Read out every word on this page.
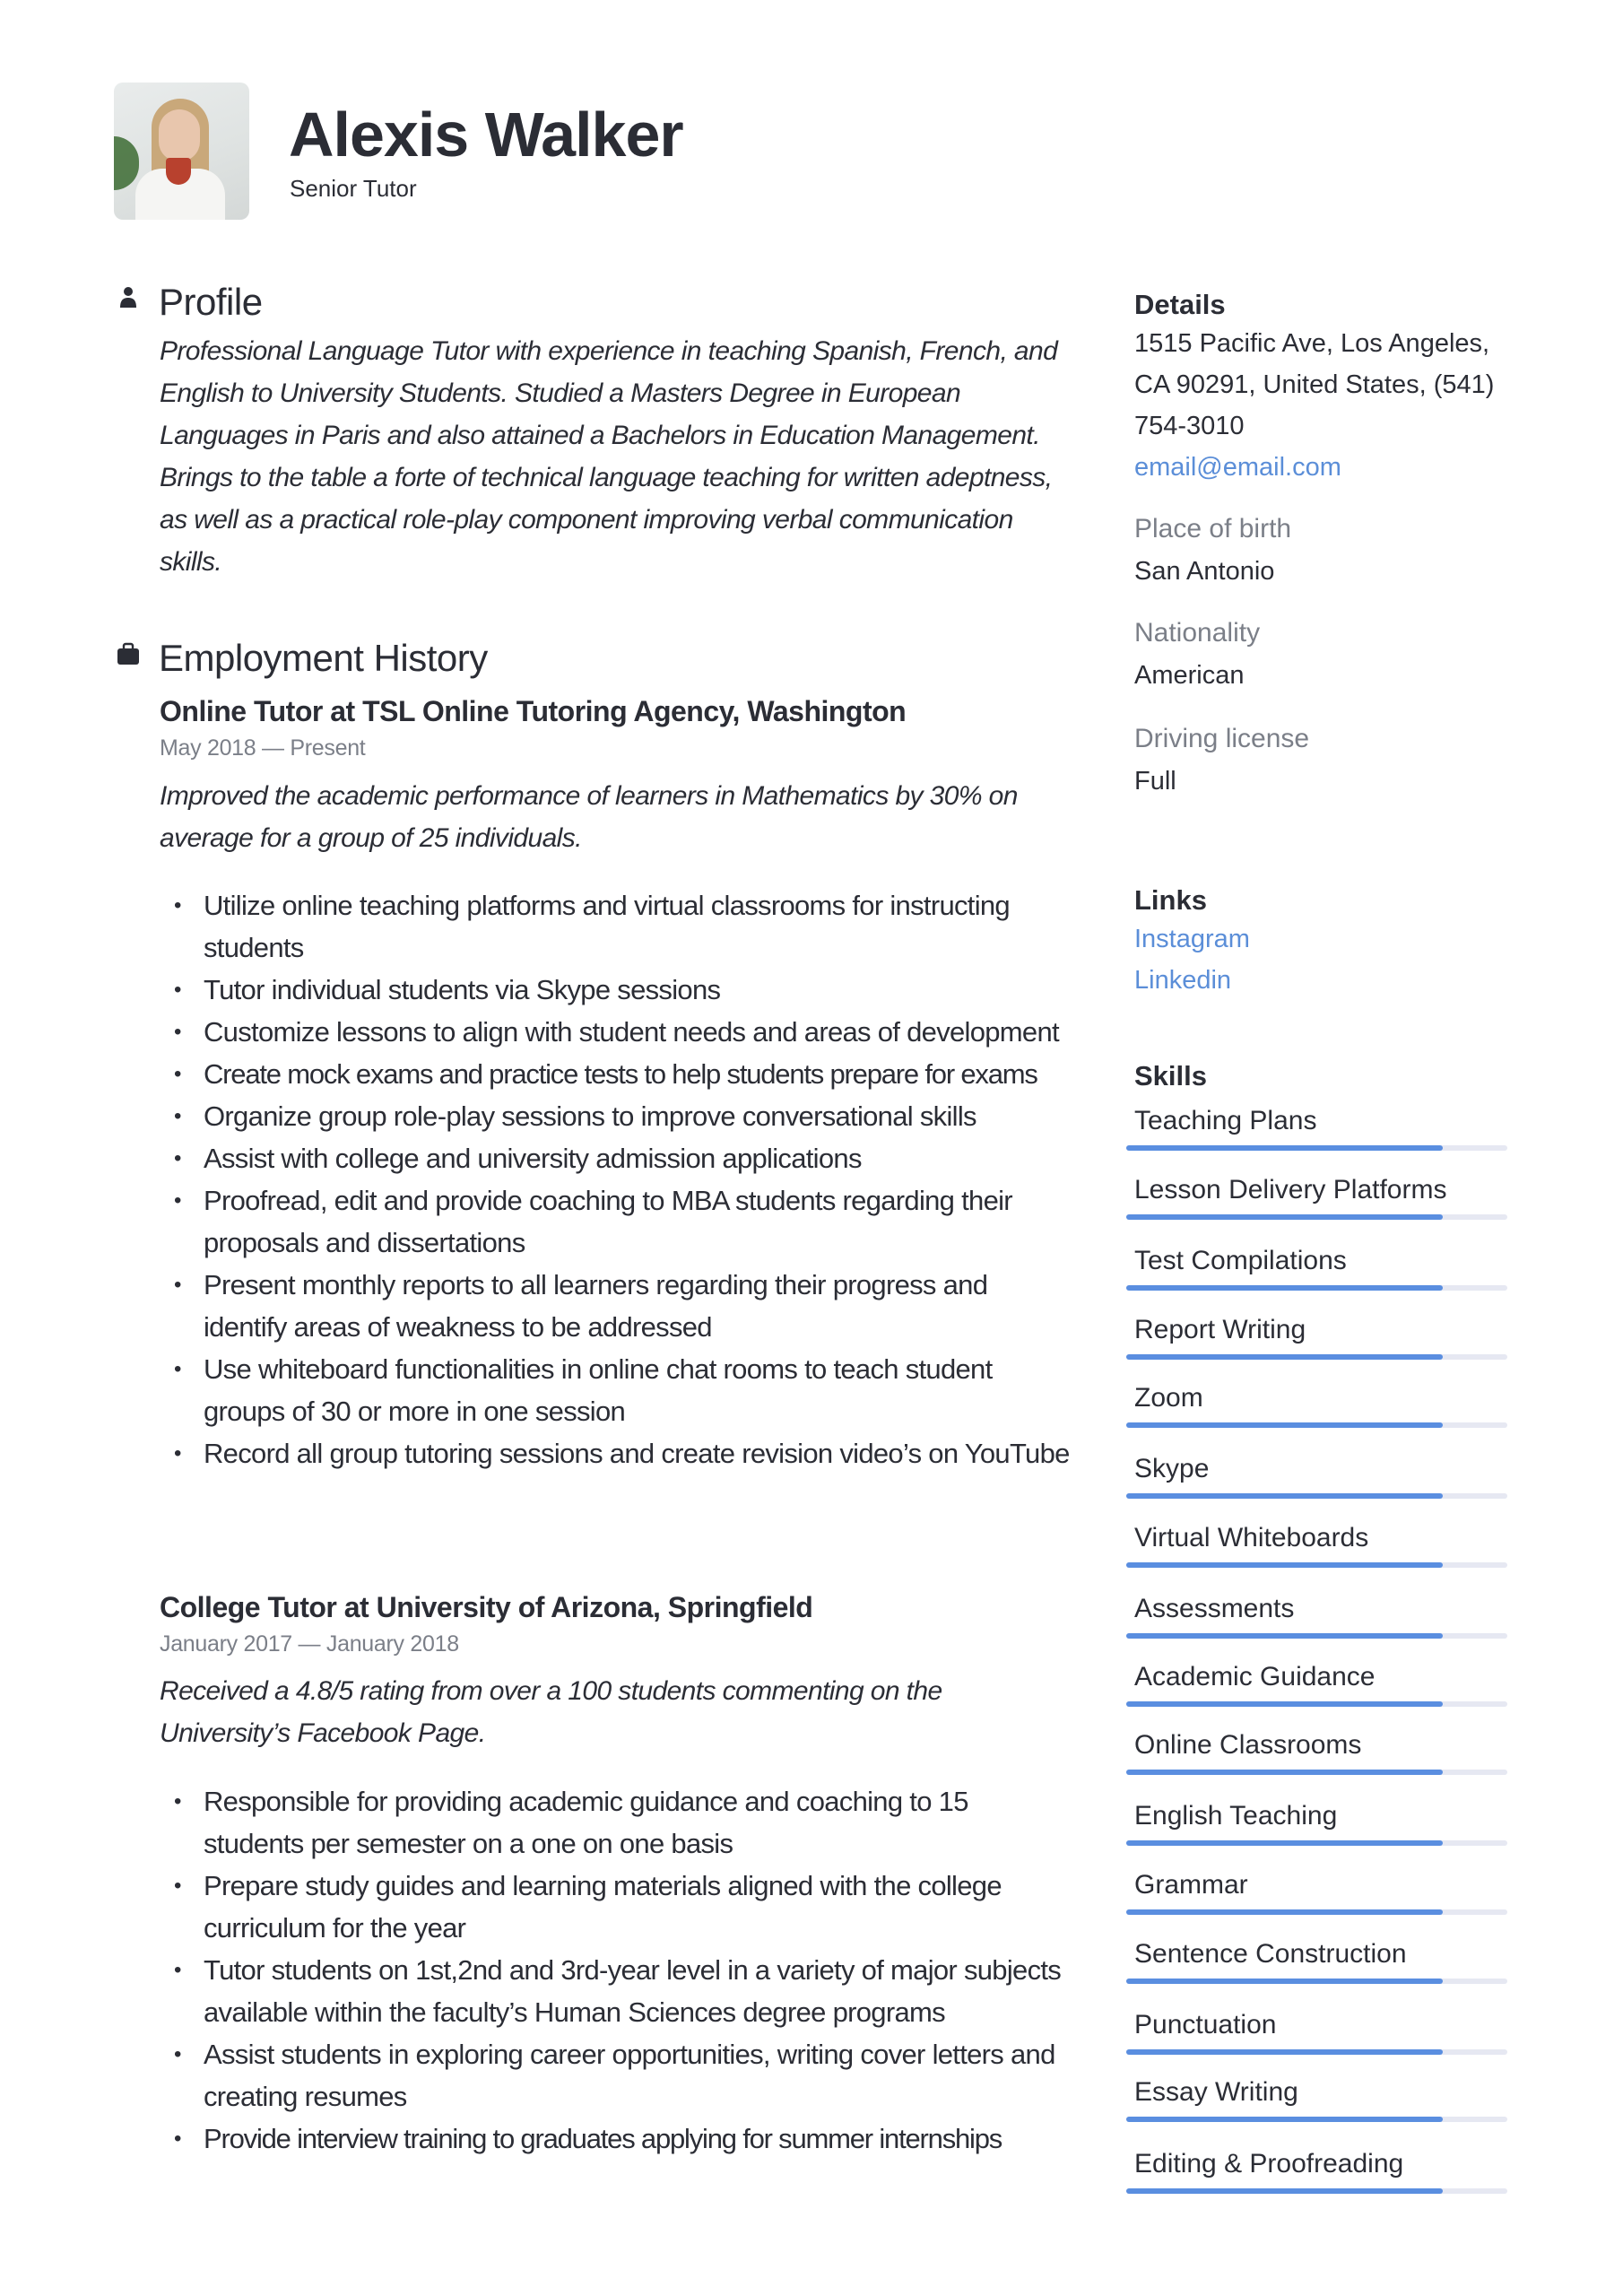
Alexis Walker
Senior Tutor
Profile
Professional Language Tutor with experience in teaching Spanish, French, and English to University Students. Studied a Masters Degree in European Languages in Paris and also attained a Bachelors in Education Management. Brings to the table a forte of technical language teaching for written adeptness, as well as a practical role-play component improving verbal communication skills.
Employment History
Online Tutor at TSL Online Tutoring Agency, Washington
May 2018 — Present
Improved the academic performance of learners in Mathematics by 30% on average for a group of 25 individuals.
• Utilize online teaching platforms and virtual classrooms for instructing students
• Tutor individual students via Skype sessions
• Customize lessons to align with student needs and areas of development
• Create mock exams and practice tests to help students prepare for exams
• Organize group role-play sessions to improve conversational skills
• Assist with college and university admission applications
• Proofread, edit and provide coaching to MBA students regarding their proposals and dissertations
• Present monthly reports to all learners regarding their progress and identify areas of weakness to be addressed
• Use whiteboard functionalities in online chat rooms to teach student groups of 30 or more in one session
• Record all group tutoring sessions and create revision video’s on YouTube
College Tutor at University of Arizona, Springfield
January 2017 — January 2018
Received a 4.8/5 rating from over a 100 students commenting on the University’s Facebook Page.
• Responsible for providing academic guidance and coaching to 15 students per semester on a one on one basis
• Prepare study guides and learning materials aligned with the college curriculum for the year
• Tutor students on 1st,2nd and 3rd-year level in a variety of major subjects available within the faculty’s Human Sciences degree programs
• Assist students in exploring career opportunities, writing cover letters and creating resumes
• Provide interview training to graduates applying for summer internships
Details
1515 Pacific Ave, Los Angeles,
CA 90291, United States, (541)
754-3010
email@email.com
Place of birth
San Antonio
Nationality
American
Driving license
Full
Links
Instagram
Linkedin
Skills
Teaching Plans
Lesson Delivery Platforms
Test Compilations
Report Writing
Zoom
Skype
Virtual Whiteboards
Assessments
Academic Guidance
Online Classrooms
English Teaching
Grammar
Sentence Construction
Punctuation
Essay Writing
Editing & Proofreading
